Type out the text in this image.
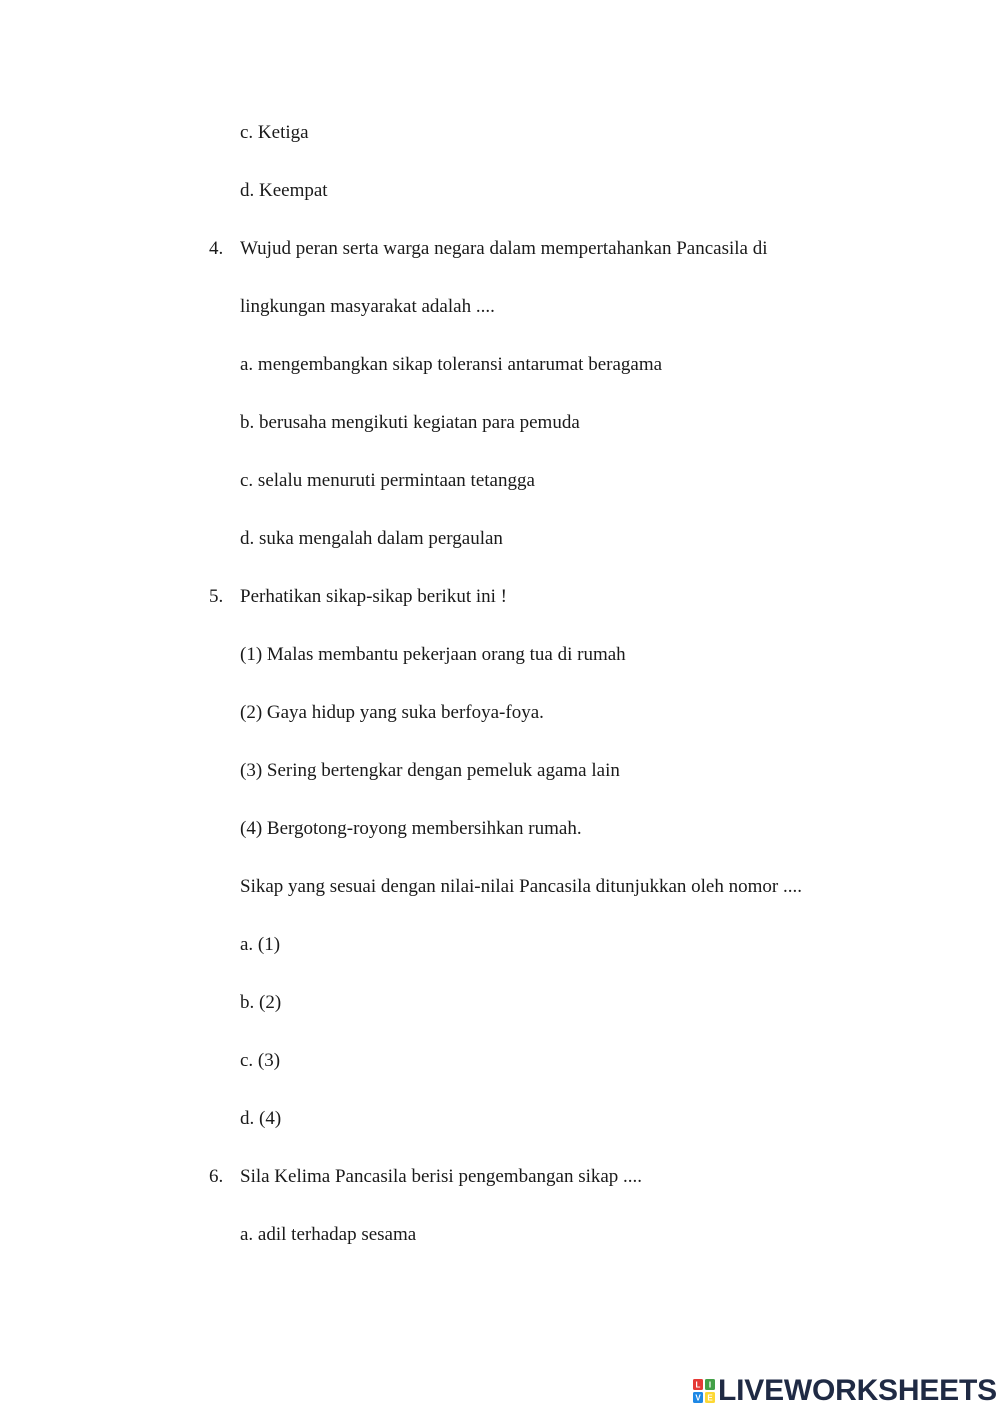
c. Ketiga
d. Keempat
4. Wujud peran serta warga negara dalam mempertahankan Pancasila di
lingkungan masyarakat adalah ....
a. mengembangkan sikap toleransi antarumat beragama
b. berusaha mengikuti kegiatan para pemuda
c. selalu menuruti permintaan tetangga
d. suka mengalah dalam pergaulan
5. Perhatikan sikap-sikap berikut ini !
(1) Malas membantu pekerjaan orang tua di rumah
(2) Gaya hidup yang suka berfoya-foya.
(3) Sering bertengkar dengan pemeluk agama lain
(4) Bergotong-royong membersihkan rumah.
Sikap yang sesuai dengan nilai-nilai Pancasila ditunjukkan oleh nomor ....
a. (1)
b. (2)
c. (3)
d. (4)
6. Sila Kelima Pancasila berisi pengembangan sikap ....
a. adil terhadap sesama
L I
V E LIVEWORKSHEETS
